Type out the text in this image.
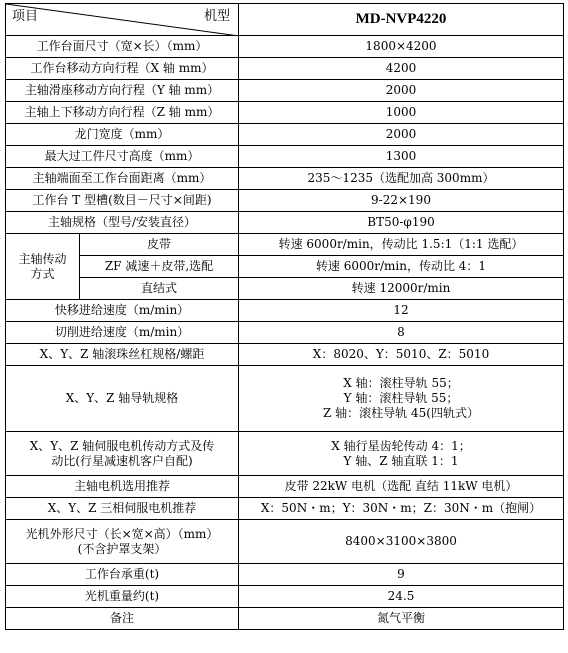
项目 机型		MD-NVP4220
工作台面尺寸（宽×长）（mm）		1800×4200
工作台移动方向行程（X 轴 mm）		4200
主轴滑座移动方向行程（Y 轴 mm）		2000
主轴上下移动方向行程（Z 轴 mm）		1000
龙门宽度（mm）		2000
最大过工件尺寸高度（mm）		1300
主轴端面至工作台面距离（mm）		235～1235（选配加高 300mm）
工作台 T 型槽(数目－尺寸×间距)		9-22×190
主轴规格（型号/安装直径）		BT50-φ190

主轴传动
方式	皮带	转速 6000r/min，传动比 1.5:1（1:1 选配）
	ZF 减速＋皮带,选配	转速 6000r/min，传动比 4：1
	直结式	转速 12000r/min
快移进给速度（m/min）		12
切削进给速度（m/min）		8
X、Y、Z 轴滚珠丝杠规格/螺距		X：8020、Y：5010、Z：5010
X、Y、Z 轴导轨规格		X 轴：滚柱导轨 55；
Y 轴：滚柱导轨 55；
Z 轴：滚柱导轨 45(四轨式）

X、Y、Z 轴伺服电机传动方式及传
动比(行星减速机客户自配)		X 轴行星齿轮传动 4：1；
Y 轴、Z 轴直联 1：1

主轴电机选用推荐		皮带 22kW 电机（选配 直结 11kW 电机）
X、Y、Z 三相伺服电机推荐		X：50N・m；Y：30N・m；Z：30N・m（抱闸）

光机外形尺寸（长×宽×高）（mm）
(不含护罩支架）		8400×3100×3800
工作台承重(t)		9
光机重量约(t)		24.5
备注		氮气平衡
